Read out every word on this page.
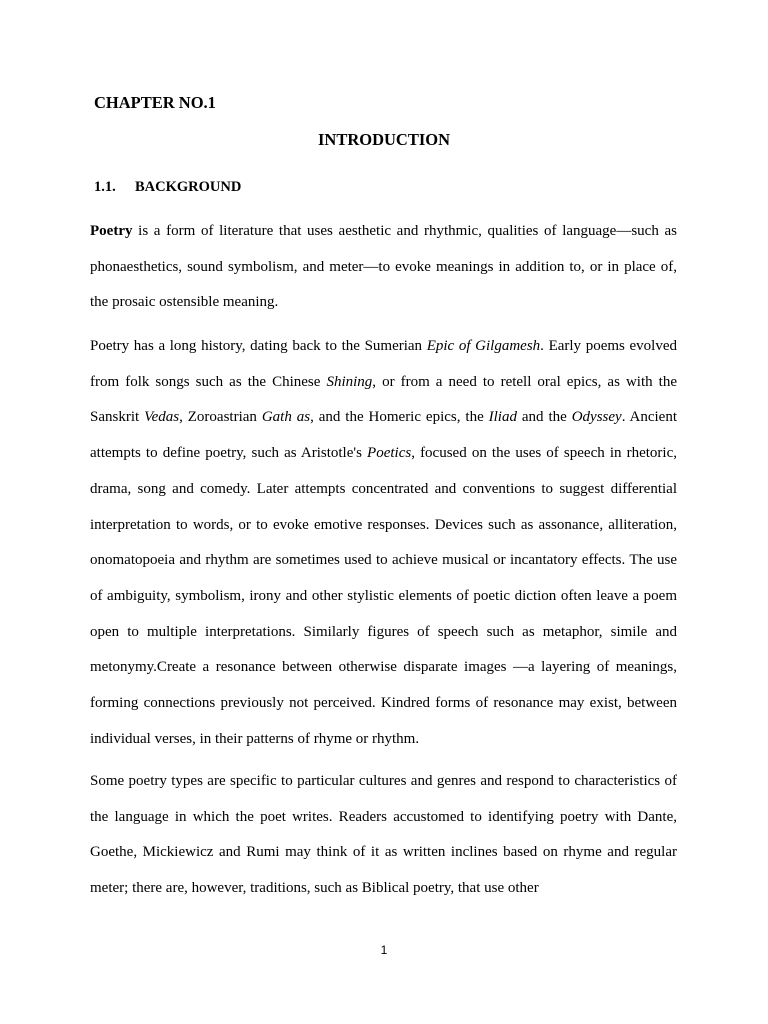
CHAPTER NO.1
INTRODUCTION
1.1. BACKGROUND

Poetry is a form of literature that uses aesthetic and rhythmic, qualities of language—such as phonaesthetics, sound symbolism, and meter—to evoke meanings in addition to, or in place of, the prosaic ostensible meaning.

Poetry has a long history, dating back to the Sumerian Epic of Gilgamesh. Early poems evolved from folk songs such as the Chinese Shining, or from a need to retell oral epics, as with the Sanskrit Vedas, Zoroastrian Gath as, and the Homeric epics, the Iliad and the Odyssey. Ancient attempts to define poetry, such as Aristotle's Poetics, focused on the uses of speech in rhetoric, drama, song and comedy. Later attempts concentrated and conventions to suggest differential interpretation to words, or to evoke emotive responses. Devices such as assonance, alliteration, onomatopoeia and rhythm are sometimes used to achieve musical or incantatory effects. The use of ambiguity, symbolism, irony and other stylistic elements of poetic diction often leave a poem open to multiple interpretations. Similarly figures of speech such as metaphor, simile and metonymy.Create a resonance between otherwise disparate images —a layering of meanings, forming connections previously not perceived. Kindred forms of resonance may exist, between individual verses, in their patterns of rhyme or rhythm.

Some poetry types are specific to particular cultures and genres and respond to characteristics of the language in which the poet writes. Readers accustomed to identifying poetry with Dante, Goethe, Mickiewicz and Rumi may think of it as written inclines based on rhyme and regular meter; there are, however, traditions, such as Biblical poetry, that use other

1
